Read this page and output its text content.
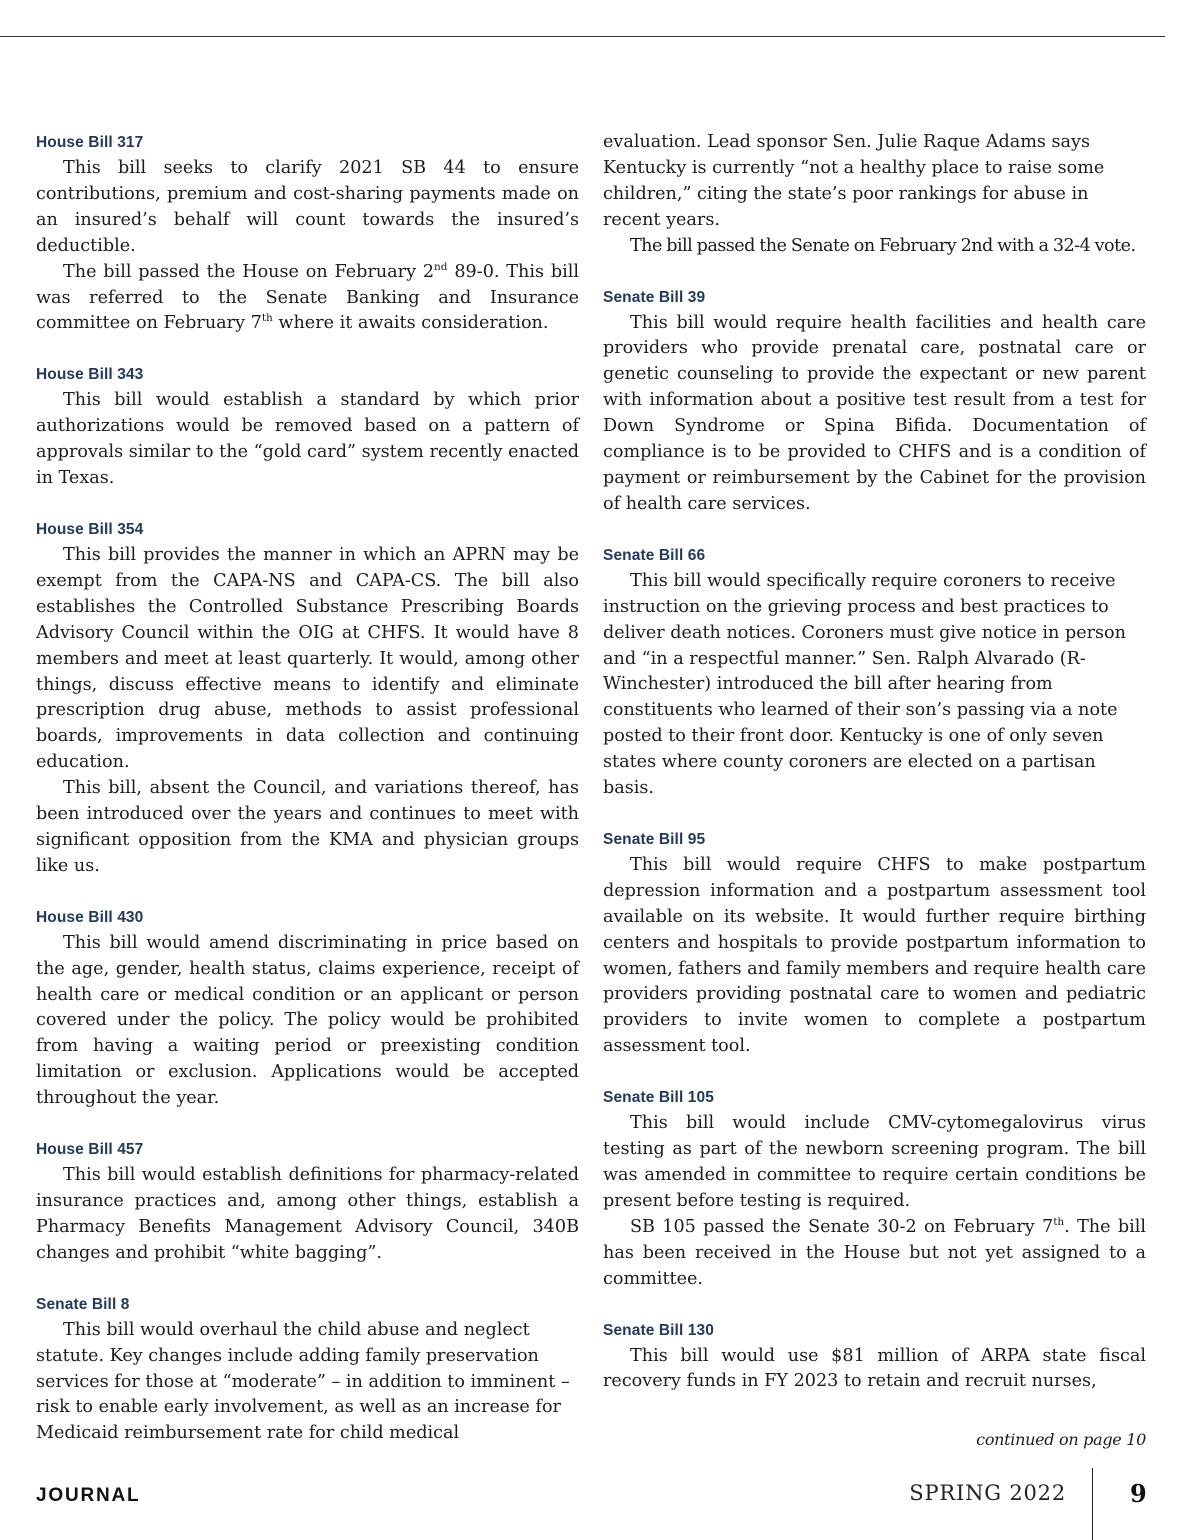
House Bill 317

This bill seeks to clarify 2021 SB 44 to ensure contributions, premium and cost-sharing payments made on an insured’s behalf will count towards the insured’s deductible.

The bill passed the House on February 2nd 89-0. This bill was referred to the Senate Banking and Insurance committee on February 7th where it awaits consideration.

House Bill 343

This bill would establish a standard by which prior authorizations would be removed based on a pattern of approvals similar to the “gold card” system recently enacted in Texas.

House Bill 354

This bill provides the manner in which an APRN may be exempt from the CAPA-NS and CAPA-CS. The bill also establishes the Controlled Substance Prescribing Boards Advisory Council within the OIG at CHFS. It would have 8 members and meet at least quarterly. It would, among other things, discuss effective means to identify and eliminate prescription drug abuse, methods to assist professional boards, improvements in data collection and continuing education.

This bill, absent the Council, and variations thereof, has been introduced over the years and continues to meet with significant opposition from the KMA and physician groups like us.

House Bill 430

This bill would amend discriminating in price based on the age, gender, health status, claims experience, receipt of health care or medical condition or an applicant or person covered under the policy. The policy would be prohibited from having a waiting period or preexisting condition limitation or exclusion. Applications would be accepted throughout the year.

House Bill 457

This bill would establish definitions for pharmacy-related insurance practices and, among other things, establish a Pharmacy Benefits Management Advisory Council, 340B changes and prohibit “white bagging”.

Senate Bill 8

This bill would overhaul the child abuse and neglect statute. Key changes include adding family preservation services for those at “moderate” – in addition to imminent – risk to enable early involvement, as well as an increase for Medicaid reimbursement rate for child medical

evaluation. Lead sponsor Sen. Julie Raque Adams says Kentucky is currently “not a healthy place to raise some children,” citing the state’s poor rankings for abuse in recent years.

The bill passed the Senate on February 2nd with a 32-4 vote.

Senate Bill 39

This bill would require health facilities and health care providers who provide prenatal care, postnatal care or genetic counseling to provide the expectant or new parent with information about a positive test result from a test for Down Syndrome or Spina Bifida. Documentation of compliance is to be provided to CHFS and is a condition of payment or reimbursement by the Cabinet for the provision of health care services.

Senate Bill 66

This bill would specifically require coroners to receive instruction on the grieving process and best practices to deliver death notices. Coroners must give notice in person and “in a respectful manner.” Sen. Ralph Alvarado (R-Winchester) introduced the bill after hearing from constituents who learned of their son’s passing via a note posted to their front door. Kentucky is one of only seven states where county coroners are elected on a partisan basis.

Senate Bill 95

This bill would require CHFS to make postpartum depression information and a postpartum assessment tool available on its website. It would further require birthing centers and hospitals to provide postpartum information to women, fathers and family members and require health care providers providing postnatal care to women and pediatric providers to invite women to complete a postpartum assessment tool.

Senate Bill 105

This bill would include CMV-cytomegalovirus virus testing as part of the newborn screening program. The bill was amended in committee to require certain conditions be present before testing is required.

SB 105 passed the Senate 30-2 on February 7th. The bill has been received in the House but not yet assigned to a committee.

Senate Bill 130

This bill would use $81 million of ARPA state fiscal recovery funds in FY 2023 to retain and recruit nurses,

continued on page 10
JOURNAL	SPRING 2022	9
